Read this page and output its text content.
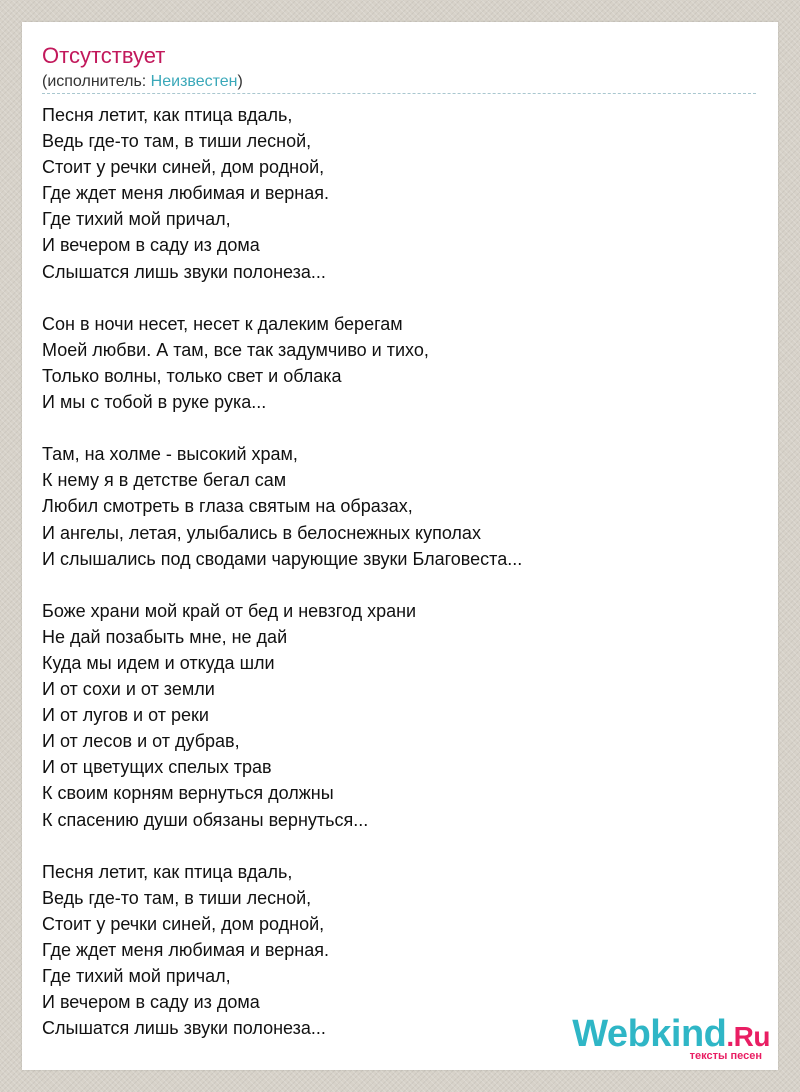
Отсутствует
(исполнитель: Неизвестен)
Песня летит, как птица вдаль,
Ведь где-то там, в тиши лесной,
Стоит у речки синей, дом родной,
Где ждет меня любимая и верная.
Где тихий мой причал,
И вечером в саду из дома
Слышатся лишь звуки полонеза...

Сон в ночи несет, несет к далеким берегам
Моей любви. А там, все так задумчиво и тихо,
Только волны, только свет и облака
И мы с тобой в руке рука...

Там, на холме - высокий храм,
К нему я в детстве бегал сам
Любил смотреть в глаза святым на образах,
И ангелы, летая, улыбались в белоснежных куполах
И слышались под сводами чарующие звуки Благовеста...

Боже храни мой край от бед и невзгод храни
Не дай позабыть мне, не дай
Куда мы идем и откуда шли
И от сохи и от земли
И от лугов и от реки
И от лесов и от дубрав,
И от цветущих спелых трав
К своим корням вернуться должны
К спасению души обязаны вернуться...

Песня летит, как птица вдаль,
Ведь где-то там, в тиши лесной,
Стоит у речки синей, дом родной,
Где ждет меня любимая и верная.
Где тихий мой причал,
И вечером в саду из дома
Слышатся лишь звуки полонеза...	Webkind.Ru
тексты песен
